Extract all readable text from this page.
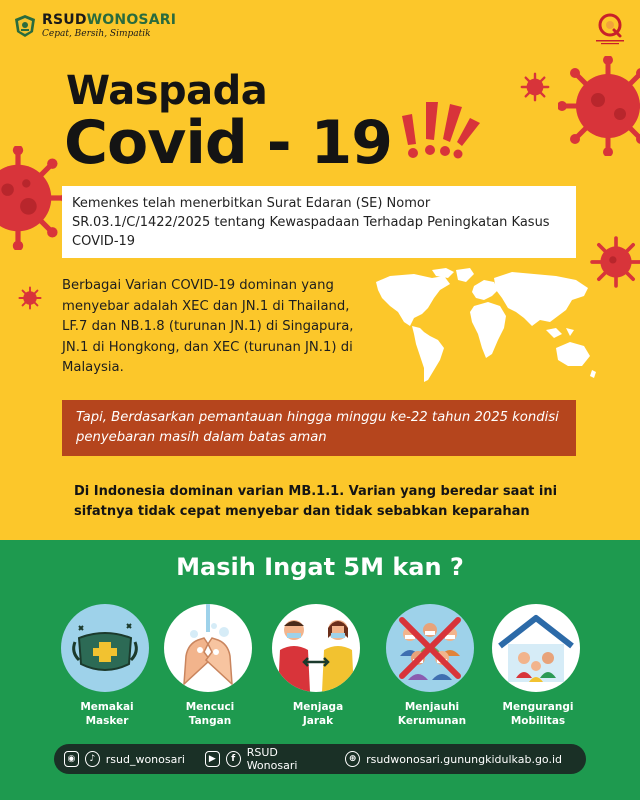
RSUDWONOSARI
Cepat, Bersih, Simpatik
Waspada
Covid - 19

Kemenkes telah menerbitkan Surat Edaran (SE) Nomor SR.03.1/C/1422/2025 tentang Kewaspadaan Terhadap Peningkatan Kasus COVID-19

Berbagai Varian COVID-19 dominan yang menyebar adalah XEC dan JN.1 di Thailand, LF.7 dan NB.1.8 (turunan JN.1) di Singapura, JN.1 di Hongkong, dan XEC (turunan JN.1) di Malaysia.

Tapi, Berdasarkan pemantauan hingga minggu ke-22 tahun 2025 kondisi penyebaran masih dalam batas aman

Di Indonesia dominan varian MB.1.1. Varian yang beredar saat ini sifatnya tidak cepat menyebar dan tidak sebabkan keparahan

Masih Ingat 5M kan ?
Memakai
Masker
Mencuci
Tangan
Menjaga
Jarak
Menjauhi
Kerumunan
Mengurangi
Mobilitas
◉	♪ rsud_wonosari	▶	f	RSUD Wonosari	⊕ rsudwonosari.gunungkidulkab.go.id
